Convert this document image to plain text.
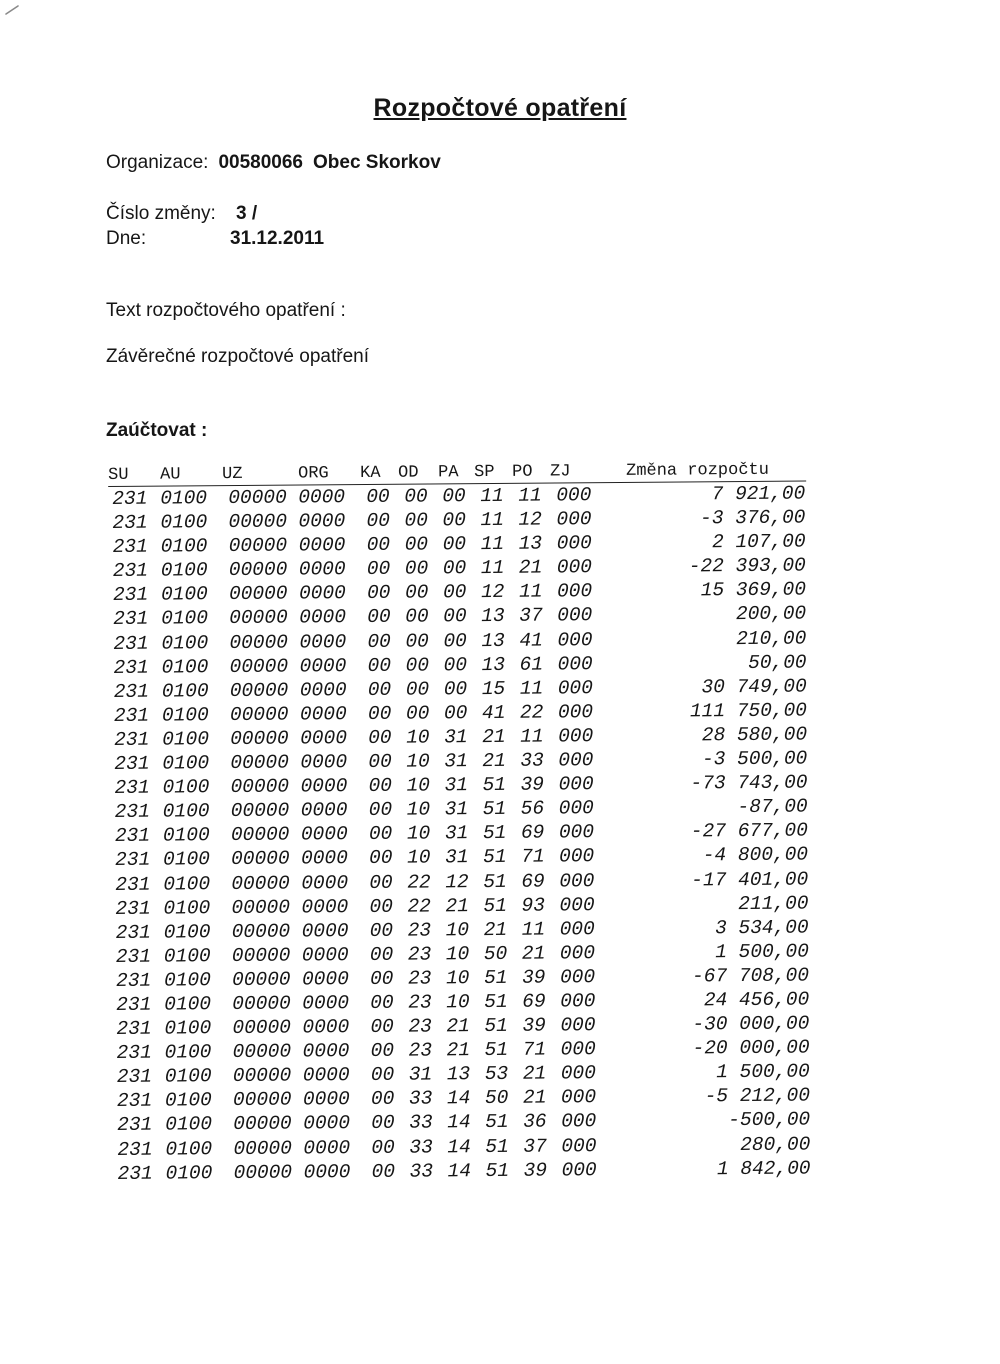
Rozpočtové opatření
Organizace: 00580066 Obec Skorkov
Číslo změny: 3 /
Dne:	31.12.2011
Text rozpočtového opatření :
Závěrečné rozpočtové opatření
Zaúčtovat :
SU AU UZ	ORG KA OD PA SP PO ZJ	Změna rozpočtu
231 0100 00000 0000 00 00 00 11 11 000	7 921,00
231 0100 00000 0000 00 00 00 11 12 000	-3 376,00
231 0100 00000 0000 00 00 00 11 13 000	2 107,00
231 0100 00000 0000 00 00 00 11 21 000	-22 393,00
231 0100 00000 0000 00 00 00 12 11 000	15 369,00
231 0100 00000 0000 00 00 00 13 37 000	200,00
231 0100 00000 0000 00 00 00 13 41 000	210,00
231 0100 00000 0000 00 00 00 13 61 000	50,00
231 0100 00000 0000 00 00 00 15 11 000	30 749,00
231 0100 00000 0000 00 00 00 41 22 000	111 750,00
231 0100 00000 0000 00 10 31 21 11 000	28 580,00
231 0100 00000 0000 00 10 31 21 33 000	-3 500,00
231 0100 00000 0000 00 10 31 51 39 000	-73 743,00
231 0100 00000 0000 00 10 31 51 56 000	-87,00
231 0100 00000 0000 00 10 31 51 69 000	-27 677,00
231 0100 00000 0000 00 10 31 51 71 000	-4 800,00
231 0100 00000 0000 00 22 12 51 69 000	-17 401,00
231 0100 00000 0000 00 22 21 51 93 000	211,00
231 0100 00000 0000 00 23 10 21 11 000	3 534,00
231 0100 00000 0000 00 23 10 50 21 000	1 500,00
231 0100 00000 0000 00 23 10 51 39 000	-67 708,00
231 0100 00000 0000 00 23 10 51 69 000	24 456,00
231 0100 00000 0000 00 23 21 51 39 000	-30 000,00
231 0100 00000 0000 00 23 21 51 71 000	-20 000,00
231 0100 00000 0000 00 31 13 53 21 000	1 500,00
231 0100 00000 0000 00 33 14 50 21 000	-5 212,00
231 0100 00000 0000 00 33 14 51 36 000	-500,00
231 0100 00000 0000 00 33 14 51 37 000	280,00
231 0100 00000 0000 00 33 14 51 39 000	1 842,00
